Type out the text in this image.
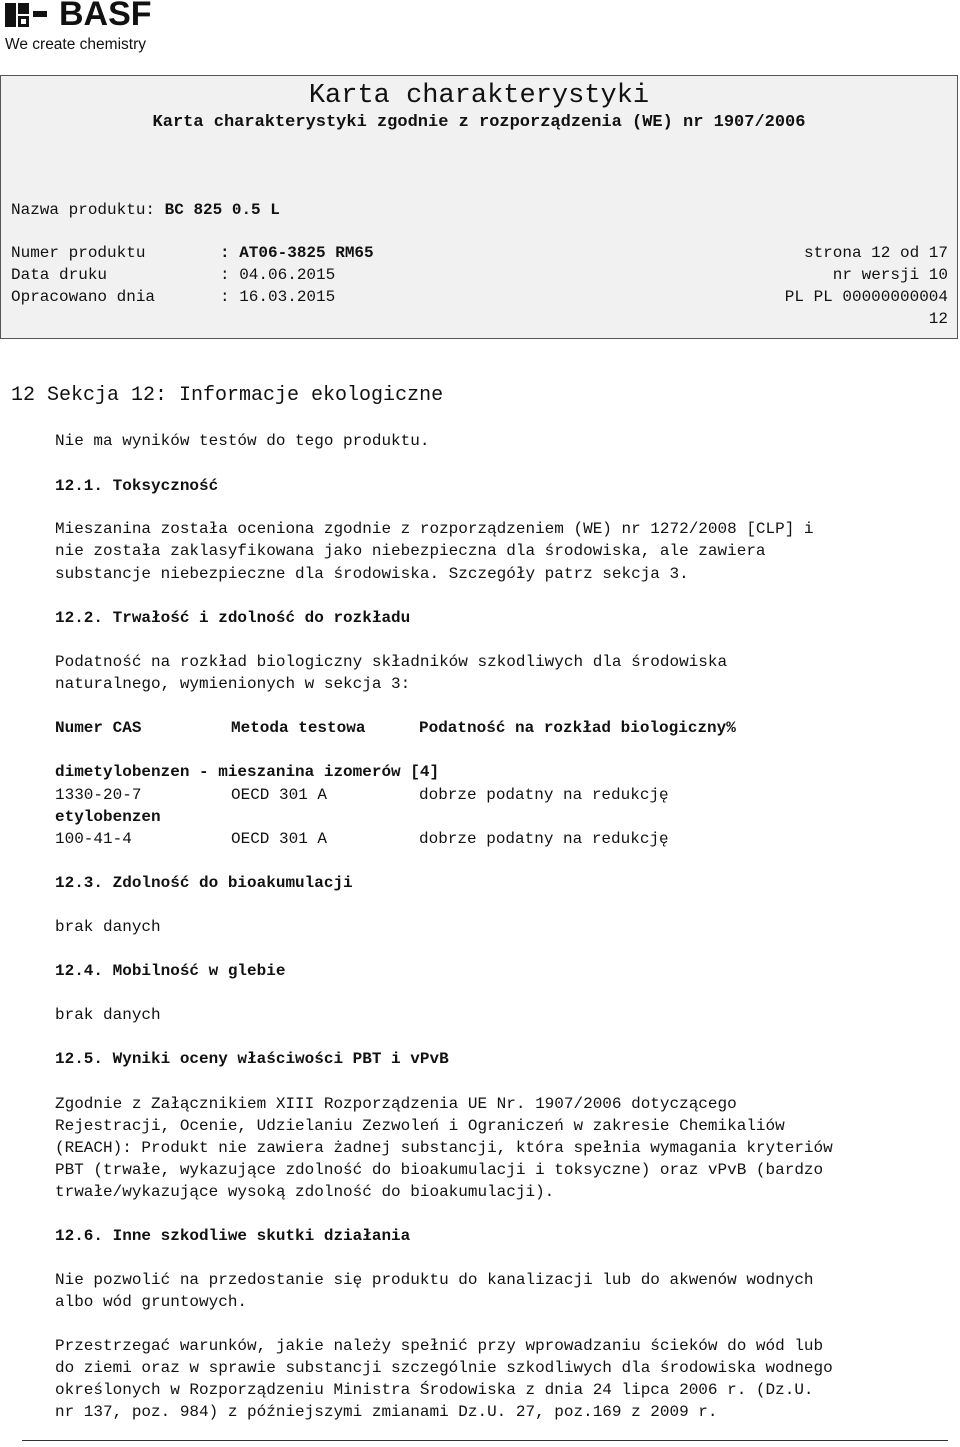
BASF
We create chemistry
Karta charakterystyki
Karta charakterystyki zgodnie z rozporządzenia (WE) nr 1907/2006
Nazwa produktu: BC 825 0.5 L
Numer produktu	: AT06-3825 RM65
Data druku	: 04.06.2015
Opracowano dnia	: 16.03.2015
strona 12 od 17
nr wersji 10
PL PL 00000000004
12
12 Sekcja 12: Informacje ekologiczne
Nie ma wyników testów do tego produktu.
12.1. Toksyczność
Mieszanina została oceniona zgodnie z rozporządzeniem (WE) nr 1272/2008 [CLP] i
nie została zaklasyfikowana jako niebezpieczna dla środowiska, ale zawiera
substancje niebezpieczne dla środowiska. Szczegóły patrz sekcja 3.
12.2. Trwałość i zdolność do rozkładu
Podatność na rozkład biologiczny składników szkodliwych dla środowiska
naturalnego, wymienionych w sekcja 3:
Numer CAS	Metoda testowa	Podatność na rozkład biologiczny%
dimetylobenzen - mieszanina izomerów [4]
1330-20-7	OECD 301 A	dobrze podatny na redukcję
etylobenzen
100-41-4	OECD 301 A	dobrze podatny na redukcję
12.3. Zdolność do bioakumulacji
brak danych
12.4. Mobilność w glebie
brak danych
12.5. Wyniki oceny właściwości PBT i vPvB
Zgodnie z Załącznikiem XIII Rozporządzenia UE Nr. 1907/2006 dotyczącego
Rejestracji, Ocenie, Udzielaniu Zezwoleń i Ograniczeń w zakresie Chemikaliów
(REACH): Produkt nie zawiera żadnej substancji, która spełnia wymagania kryteriów
PBT (trwałe, wykazujące zdolność do bioakumulacji i toksyczne) oraz vPvB (bardzo
trwałe/wykazujące wysoką zdolność do bioakumulacji).
12.6. Inne szkodliwe skutki działania
Nie pozwolić na przedostanie się produktu do kanalizacji lub do akwenów wodnych
albo wód gruntowych.
Przestrzegać warunków, jakie należy spełnić przy wprowadzaniu ścieków do wód lub
do ziemi oraz w sprawie substancji szczególnie szkodliwych dla środowiska wodnego
określonych w Rozporządzeniu Ministra Środowiska z dnia 24 lipca 2006 r. (Dz.U.
nr 137, poz. 984) z późniejszymi zmianami Dz.U. 27, poz.169 z 2009 r.
